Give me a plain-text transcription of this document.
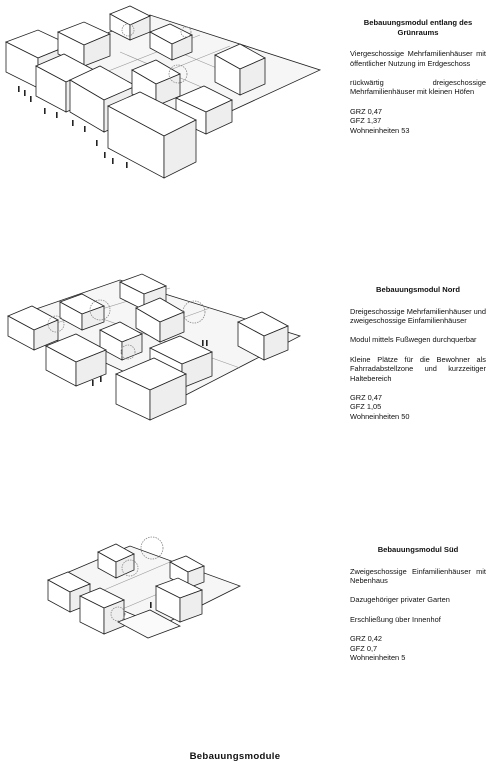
Bebauungsmodul entlang des Grünraums
Viergeschossige Mehrfamilienhäuser mit öffentlicher Nutzung im Erdgeschoss
rückwärtig dreigeschossige Mehrfamilienhäuser mit kleinen Höfen
GRZ 0,47
GFZ 1,37
Wohneinheiten 53
Bebauungsmodul Nord
Dreigeschossige Mehrfamilienhäuser und zweigeschossige Einfamilienhäuser
Modul mittels Fußwegen durchquerbar
Kleine Plätze für die Bewohner als Fahrradabstellzone und kurzzeitiger Haltebereich
GRZ 0,47
GFZ 1,05
Wohneinheiten 50
Bebauungsmodul Süd
Zweigeschossige Einfamilienhäuser mit Nebenhaus
Dazugehöriger privater Garten
Erschließung über Innenhof
GRZ 0,42
GFZ 0,7
Wohneinheiten 5
Bebauungsmodule
